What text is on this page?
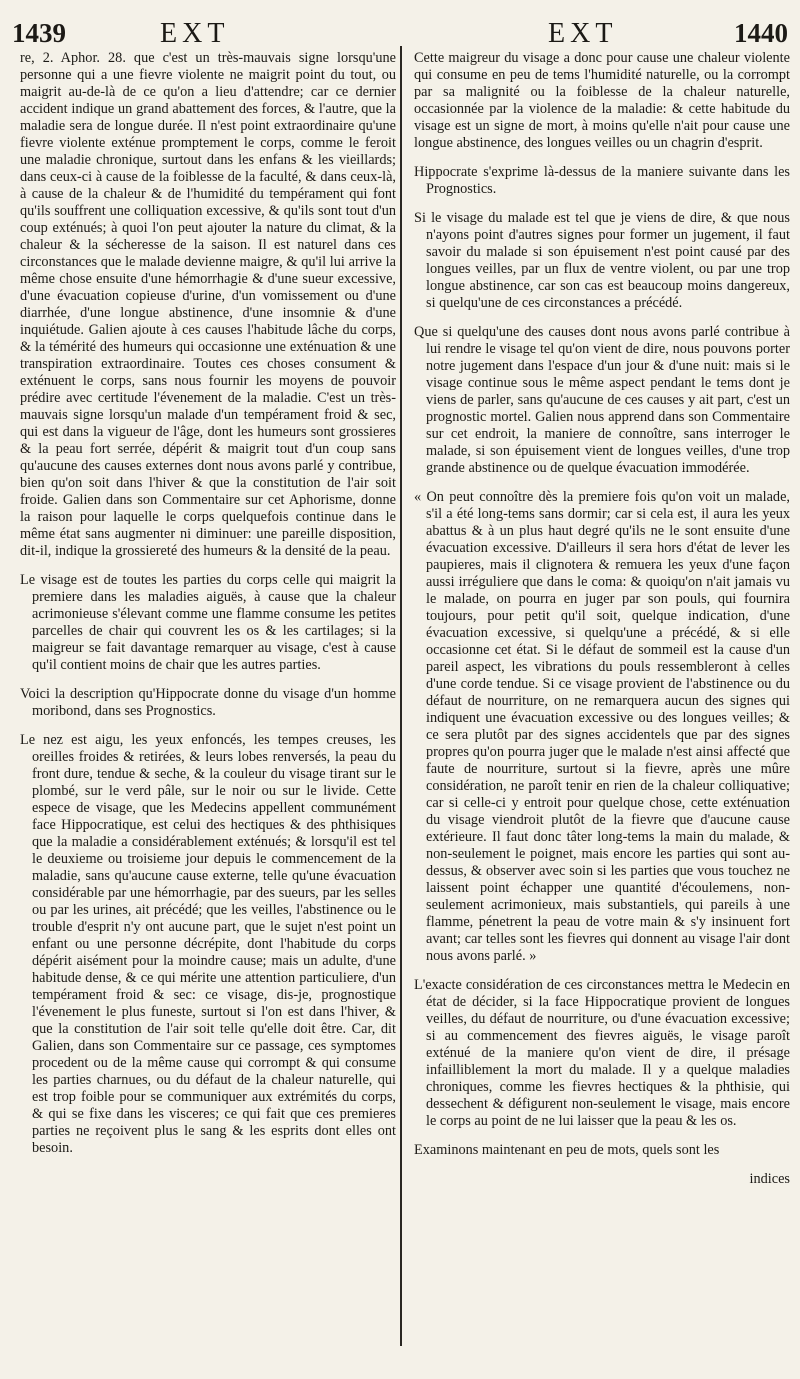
1439	EXT	EXT	1440

re, 2. Aphor. 28. que c'est un très-mauvais signe lorsqu'une personne qui a une fievre violente ne maigrit point du tout, ou maigrit au-de-là de ce qu'on a lieu d'attendre; car ce dernier accident indique un grand abattement des forces, & l'autre, que la maladie sera de longue durée. Il n'est point extraordinaire qu'une fievre violente exténue promptement le corps, comme le feroit une maladie chronique, surtout dans les enfans & les vieillards; dans ceux-ci à cause de la foiblesse de la faculté, & dans ceux-là, à cause de la chaleur & de l'humidité du tempérament qui font qu'ils souffrent une colliquation excessive, & qu'ils sont tout d'un coup exténués; à quoi l'on peut ajouter la nature du climat, & la chaleur & la sécheresse de la saison. Il est naturel dans ces circonstances que le malade devienne maigre, & qu'il lui arrive la même chose ensuite d'une hémorrhagie & d'une sueur excessive, d'une évacuation copieuse d'urine, d'un vomissement ou d'une diarrhée, d'une longue abstinence, d'une insomnie & d'une inquiétude. Galien ajoute à ces causes l'habitude lâche du corps, & la témérité des humeurs qui occasionne une exténuation & une transpiration extraordinaire. Toutes ces choses consument & exténuent le corps, sans nous fournir les moyens de pouvoir prédire avec certitude l'évenement de la maladie. C'est un très-mauvais signe lorsqu'un malade d'un tempérament froid & sec, qui est dans la vigueur de l'âge, dont les humeurs sont grossieres & la peau fort serrée, dépérit & maigrit tout d'un coup sans qu'aucune des causes externes dont nous avons parlé y contribue, bien qu'on soit dans l'hiver & que la constitution de l'air soit froide. Galien dans son Commentaire sur cet Aphorisme, donne la raison pour laquelle le corps quelquefois continue dans le même état sans augmenter ni diminuer: une pareille disposition, dit-il, indique la grossiereté des humeurs & la densité de la peau.

Le visage est de toutes les parties du corps celle qui maigrit la premiere dans les maladies aiguës, à cause que la chaleur acrimonieuse s'élevant comme une flamme consume les petites parcelles de chair qui couvrent les os & les cartilages; si la maigreur se fait davantage remarquer au visage, c'est à cause qu'il contient moins de chair que les autres parties.

Voici la description qu'Hippocrate donne du visage d'un homme moribond, dans ses Prognostics.

Le nez est aigu, les yeux enfoncés, les tempes creuses, les oreilles froides & retirées, & leurs lobes renversés, la peau du front dure, tendue & seche, & la couleur du visage tirant sur le plombé, sur le verd pâle, sur le noir ou sur le livide. Cette espece de visage, que les Medecins appellent communément face Hippocratique, est celui des hectiques & des phthisiques que la maladie a considérablement exténués; & lorsqu'il est tel le deuxieme ou troisieme jour depuis le commencement de la maladie, sans qu'aucune cause externe, telle qu'une évacuation considérable par une hémorrhagie, par des sueurs, par les selles ou par les urines, ait précédé; que les veilles, l'abstinence ou le trouble d'esprit n'y ont aucune part, que le sujet n'est point un enfant ou une personne décrépite, dont l'habitude du corps dépérit aisément pour la moindre cause; mais un adulte, d'une habitude dense, & ce qui mérite une attention particuliere, d'un tempérament froid & sec: ce visage, dis-je, prognostique l'évenement le plus funeste, surtout si l'on est dans l'hiver, & que la constitution de l'air soit telle qu'elle doit être. Car, dit Galien, dans son Commentaire sur ce passage, ces symptomes procedent ou de la même cause qui corrompt & qui consume les parties charnues, ou du défaut de la chaleur naturelle, qui est trop foible pour se communiquer aux extrémités du corps, & qui se fixe dans les visceres; ce qui fait que ces premieres parties ne reçoivent plus le sang & les esprits dont elles ont besoin.

Cette maigreur du visage a donc pour cause une chaleur violente qui consume en peu de tems l'humidité naturelle, ou la corrompt par sa malignité ou la foiblesse de la chaleur naturelle, occasionnée par la violence de la maladie: & cette habitude du visage est un signe de mort, à moins qu'elle n'ait pour cause une longue abstinence, des longues veilles ou un chagrin d'esprit.

Hippocrate s'exprime là-dessus de la maniere suivante dans les Prognostics.

Si le visage du malade est tel que je viens de dire, & que nous n'ayons point d'autres signes pour former un jugement, il faut savoir du malade si son épuisement n'est point causé par des longues veilles, par un flux de ventre violent, ou par une trop longue abstinence, car son cas est beaucoup moins dangereux, si quelqu'une de ces circonstances a précédé.

Que si quelqu'une des causes dont nous avons parlé contribue à lui rendre le visage tel qu'on vient de dire, nous pouvons porter notre jugement dans l'espace d'un jour & d'une nuit: mais si le visage continue sous le même aspect pendant le tems dont je viens de parler, sans qu'aucune de ces causes y ait part, c'est un prognostic mortel. Galien nous apprend dans son Commentaire sur cet endroit, la maniere de connoître, sans interroger le malade, si son épuisement vient de longues veilles, d'une trop grande abstinence ou de quelque évacuation immodérée.

« On peut connoître dès la premiere fois qu'on voit un malade, s'il a été long-tems sans dormir; car si cela est, il aura les yeux abattus & à un plus haut degré qu'ils ne le sont ensuite d'une évacuation excessive. D'ailleurs il sera hors d'état de lever les paupieres, mais il clignotera & remuera les yeux d'une façon aussi irréguliere que dans le coma: & quoiqu'on n'ait jamais vu le malade, on pourra en juger par son pouls, qui fournira toujours, pour petit qu'il soit, quelque indication, d'une évacuation excessive, si quelqu'une a précédé, & si elle occasionne cet état. Si le défaut de sommeil est la cause d'un pareil aspect, les vibrations du pouls ressembleront à celles d'une corde tendue. Si ce visage provient de l'abstinence ou du défaut de nourriture, on ne remarquera aucun des signes qui indiquent une évacuation excessive ou des longues veilles; & ce sera plutôt par des signes accidentels que par des signes propres qu'on pourra juger que le malade n'est ainsi affecté que faute de nourriture, surtout si la fievre, après une mûre considération, ne paroît tenir en rien de la chaleur colliquative; car si celle-ci y entroit pour quelque chose, cette exténuation du visage viendroit plutôt de la fievre que d'aucune cause extérieure. Il faut donc tâter long-tems la main du malade, & non-seulement le poignet, mais encore les parties qui sont au-dessus, & observer avec soin si les parties que vous touchez ne laissent point échapper une quantité d'écoulemens, non-seulement acrimonieux, mais substantiels, qui pareils à une flamme, pénetrent la peau de votre main & s'y insinuent fort avant; car telles sont les fievres qui donnent au visage l'air dont nous avons parlé. »

L'exacte considération de ces circonstances mettra le Medecin en état de décider, si la face Hippocratique provient de longues veilles, du défaut de nourriture, ou d'une évacuation excessive; si au commencement des fievres aiguës, le visage paroît exténué de la maniere qu'on vient de dire, il présage infailliblement la mort du malade. Il y a quelque maladies chroniques, comme les fievres hectiques & la phthisie, qui dessechent & défigurent non-seulement le visage, mais encore le corps au point de ne lui laisser que la peau & les os.

Examinons maintenant en peu de mots, quels sont les

indices
